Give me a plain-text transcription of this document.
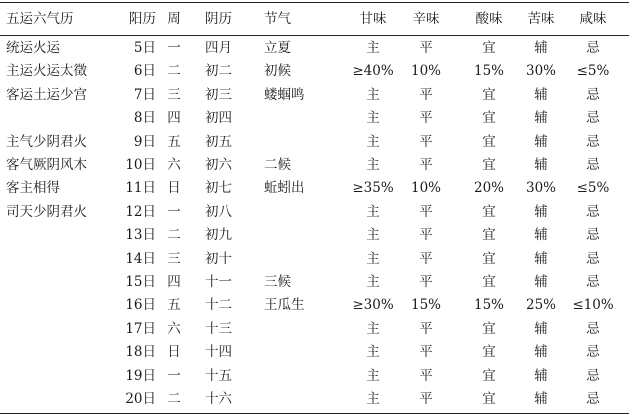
五运六气历	阳历 周 阴历 节气	甘味	辛味	酸味	苦味	咸味
统运火运	5日 一 四月 立夏	主	平	宜	辅	忌
主运火运太徵	6日 二 初二 初候	≥40%	10%	15%	30%	≤5%
客运土运少宫	7日 三 初三 蝼蝈鸣	主	平	宜	辅	忌
8日 四 初四	主	平	宜	辅	忌
主气少阴君火	9日 五 初五	主	平	宜	辅	忌
客气厥阴风木	10日 六 初六 二候	主	平	宜	辅	忌
客主相得	11日 日 初七 蚯蚓出	≥35%	10%	20%	30%	≤5%
司天少阴君火	12日 一 初八	主	平	宜	辅	忌
13日 二 初九	主	平	宜	辅	忌
14日 三 初十	主	平	宜	辅	忌
15日 四 十一 三候	主	平	宜	辅	忌
16日 五 十二 王瓜生	≥30%	15%	15%	25%	≤10%
17日 六 十三	主	平	宜	辅	忌
18日 日 十四	主	平	宜	辅	忌
19日 一 十五	主	平	宜	辅	忌
20日 二 十六	主	平	宜	辅	忌
